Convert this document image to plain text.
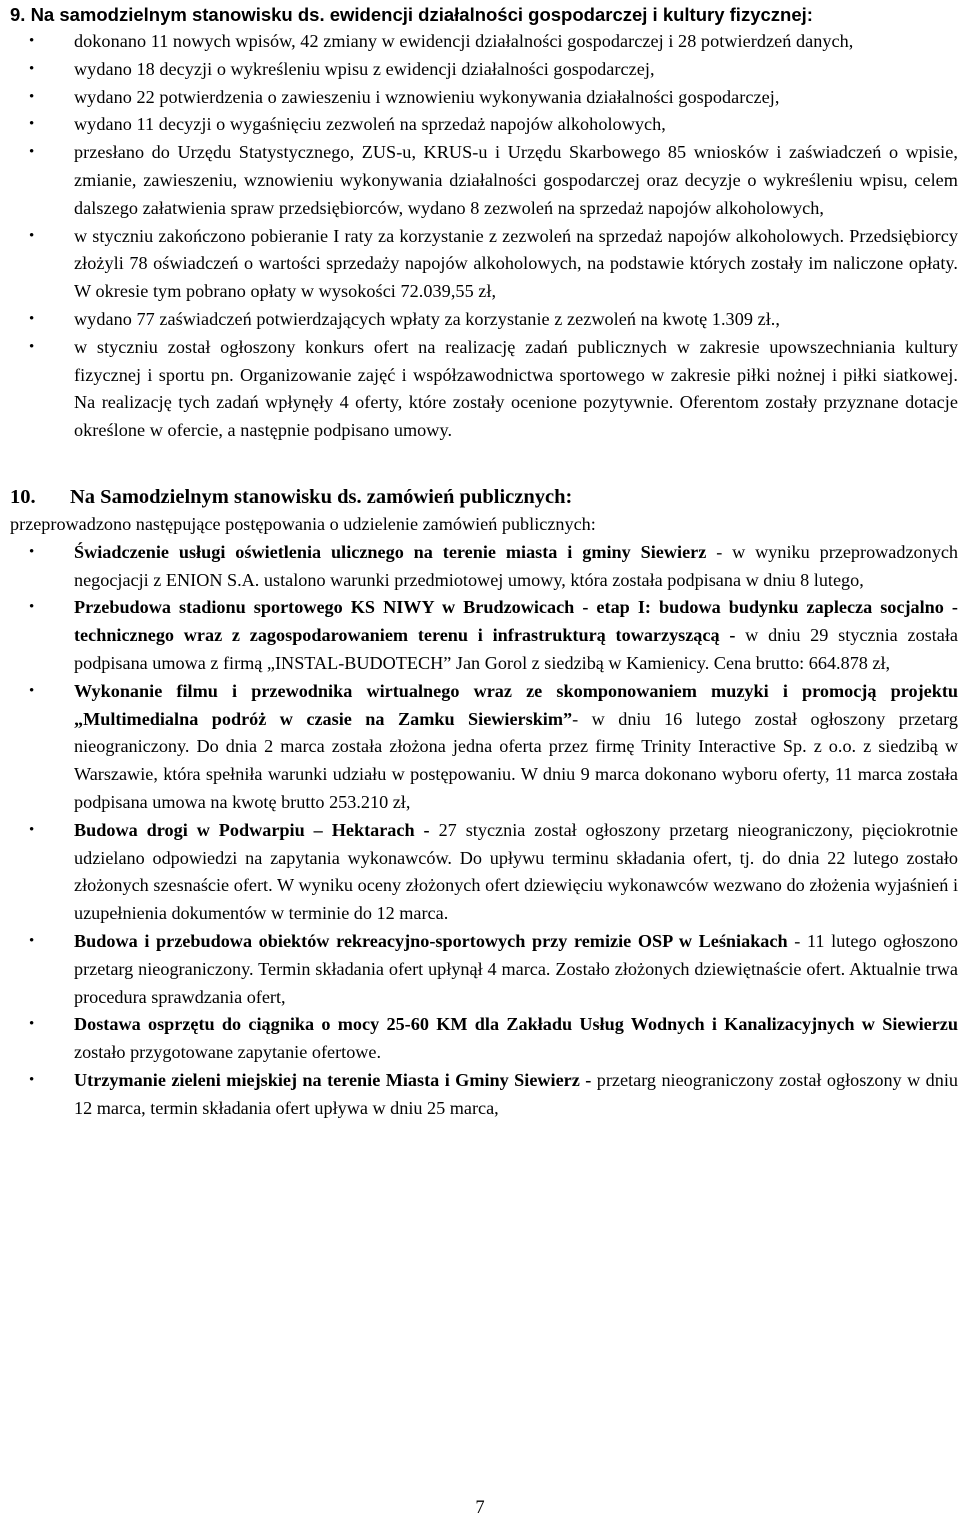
9. Na samodzielnym stanowisku ds. ewidencji działalności gospodarczej i kultury fizycznej:
• dokonano 11 nowych wpisów, 42 zmiany w ewidencji działalności gospodarczej i 28 potwierdzeń danych,
• wydano 18 decyzji o wykreśleniu wpisu z ewidencji działalności gospodarczej,
• wydano 22 potwierdzenia o zawieszeniu i wznowieniu wykonywania działalności gospodarczej,
• wydano 11 decyzji o wygaśnięciu zezwoleń na sprzedaż napojów alkoholowych,
• przesłano do Urzędu Statystycznego, ZUS-u, KRUS-u i Urzędu Skarbowego 85 wniosków i zaświadczeń o wpisie, zmianie, zawieszeniu, wznowieniu wykonywania działalności gospodarczej oraz decyzje o wykreśleniu wpisu, celem dalszego załatwienia spraw przedsiębiorców, wydano 8 zezwoleń na sprzedaż napojów alkoholowych,
• w styczniu zakończono pobieranie I raty za korzystanie z zezwoleń na sprzedaż napojów alkoholowych. Przedsiębiorcy złożyli 78 oświadczeń o wartości sprzedaży napojów alkoholowych, na podstawie których zostały im naliczone opłaty. W okresie tym pobrano opłaty w wysokości 72.039,55 zł,
• wydano 77 zaświadczeń potwierdzających wpłaty za korzystanie z zezwoleń na kwotę 1.309 zł.,
• w styczniu został ogłoszony konkurs ofert na realizację zadań publicznych w zakresie upowszechniania kultury fizycznej i sportu pn. Organizowanie zajęć i współzawodnictwa sportowego w zakresie piłki nożnej i piłki siatkowej. Na realizację tych zadań wpłynęły 4 oferty, które zostały ocenione pozytywnie. Oferentom zostały przyznane dotacje określone w ofercie, a następnie podpisano umowy.
10. Na Samodzielnym stanowisku ds. zamówień publicznych:

przeprowadzono następujące postępowania o udzielenie zamówień publicznych:

• Świadczenie usługi oświetlenia ulicznego na terenie miasta i gminy Siewierz - w wyniku przeprowadzonych negocjacji z ENION S.A. ustalono warunki przedmiotowej umowy, która została podpisana w dniu 8 lutego,
• Przebudowa stadionu sportowego KS NIWY w Brudzowicach - etap I: budowa budynku zaplecza socjalno - technicznego wraz z zagospodarowaniem terenu i infrastrukturą towarzyszącą - w dniu 29 stycznia została podpisana umowa z firmą „INSTAL-BUDOTECH” Jan Gorol z siedzibą w Kamienicy. Cena brutto: 664.878 zł,
• Wykonanie filmu i przewodnika wirtualnego wraz ze skomponowaniem muzyki i promocją projektu „Multimedialna podróż w czasie na Zamku Siewierskim”- w dniu 16 lutego został ogłoszony przetarg nieograniczony. Do dnia 2 marca została złożona jedna oferta przez firmę Trinity Interactive Sp. z o.o. z siedzibą w Warszawie, która spełniła warunki udziału w postępowaniu. W dniu 9 marca dokonano wyboru oferty, 11 marca została podpisana umowa na kwotę brutto 253.210 zł,
• Budowa drogi w Podwarpiu – Hektarach - 27 stycznia został ogłoszony przetarg nieograniczony, pięciokrotnie udzielano odpowiedzi na zapytania wykonawców. Do upływu terminu składania ofert, tj. do dnia 22 lutego zostało złożonych szesnaście ofert. W wyniku oceny złożonych ofert dziewięciu wykonawców wezwano do złożenia wyjaśnień i uzupełnienia dokumentów w terminie do 12 marca.
• Budowa i przebudowa obiektów rekreacyjno-sportowych przy remizie OSP w Leśniakach - 11 lutego ogłoszono przetarg nieograniczony. Termin składania ofert upłynął 4 marca. Zostało złożonych dziewiętnaście ofert. Aktualnie trwa procedura sprawdzania ofert,
• Dostawa osprzętu do ciągnika o mocy 25-60 KM dla Zakładu Usług Wodnych i Kanalizacyjnych w Siewierzu zostało przygotowane zapytanie ofertowe.
• Utrzymanie zieleni miejskiej na terenie Miasta i Gminy Siewierz - przetarg nieograniczony został ogłoszony w dniu 12 marca, termin składania ofert upływa w dniu 25 marca,
7
